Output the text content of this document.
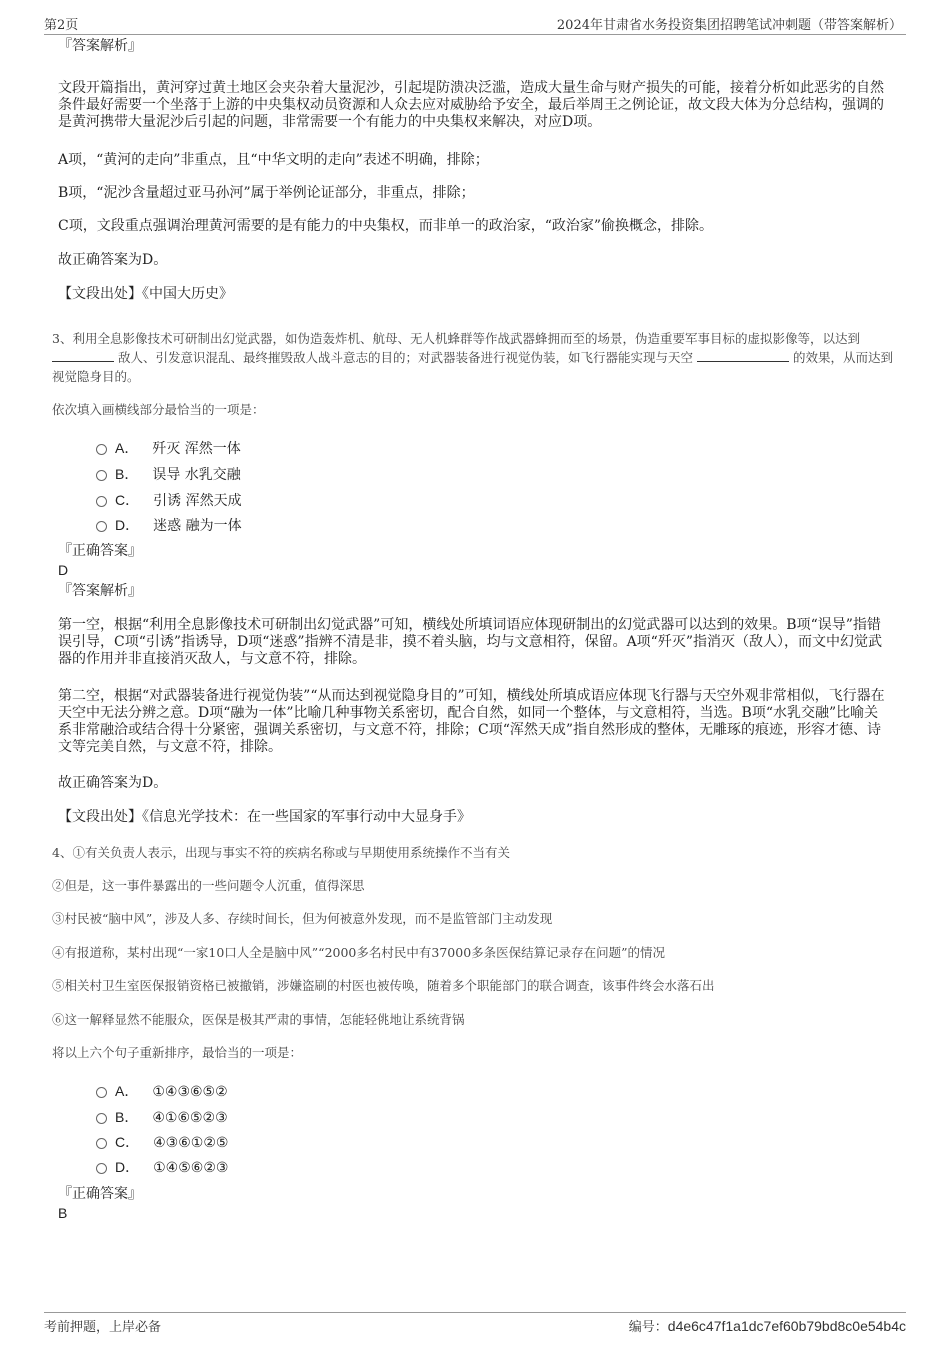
第2页	2024年甘肃省水务投资集团招聘笔试冲刺题（带答案解析）
『答案解析』
文段开篇指出，黄河穿过黄土地区会夹杂着大量泥沙，引起堤防溃决泛滥，造成大量生命与财产损失的可能，接着分析如此恶劣的自然条件最好需要一个坐落于上游的中央集权动员资源和人众去应对威胁给予安全，最后举周王之例论证，故文段大体为分总结构，强调的是黄河携带大量泥沙后引起的问题，非常需要一个有能力的中央集权来解决，对应D项。
A项，“黄河的走向”非重点，且“中华文明的走向”表述不明确，排除；
B项，“泥沙含量超过亚马孙河”属于举例论证部分，非重点，排除；
C项，文段重点强调治理黄河需要的是有能力的中央集权，而非单一的政治家，“政治家”偷换概念，排除。
故正确答案为D。
【文段出处】《中国大历史》
3、利用全息影像技术可研制出幻觉武器，如伪造轰炸机、航母、无人机蜂群等作战武器蜂拥而至的场景，伪造重要军事目标的虚拟影像等，以达到  敌人、引发意识混乱、最终摧毁敌人战斗意志的目的；对武器装备进行视觉伪装，如飞行器能实现与天空	的效果，从而达到视觉隐身目的。
依次填入画横线部分最恰当的一项是：
A． 歼灭 浑然一体
B． 误导 水乳交融
C． 引诱 浑然天成
D． 迷惑 融为一体
『正确答案』
D
『答案解析』
第一空，根据“利用全息影像技术可研制出幻觉武器”可知，横线处所填词语应体现研制出的幻觉武器可以达到的效果。B项“误导”指错误引导，C项“引诱”指诱导，D项“迷惑”指辨不清是非，摸不着头脑，均与文意相符，保留。A项“歼灭”指消灭（敌人），而文中幻觉武器的作用并非直接消灭敌人，与文意不符，排除。
第二空，根据“对武器装备进行视觉伪装”“从而达到视觉隐身目的”可知，横线处所填成语应体现飞行器与天空外观非常相似，飞行器在天空中无法分辨之意。D项“融为一体”比喻几种事物关系密切，配合自然，如同一个整体，与文意相符，当选。B项“水乳交融”比喻关系非常融洽或结合得十分紧密，强调关系密切，与文意不符，排除；C项“浑然天成”指自然形成的整体，无雕琢的痕迹，形容才德、诗文等完美自然，与文意不符，排除。
故正确答案为D。
【文段出处】《信息光学技术：在一些国家的军事行动中大显身手》
4、①有关负责人表示，出现与事实不符的疾病名称或与早期使用系统操作不当有关
②但是，这一事件暴露出的一些问题令人沉重，值得深思
③村民被“脑中风”，涉及人多、存续时间长，但为何被意外发现，而不是监管部门主动发现
④有报道称，某村出现“一家10口人全是脑中风”“2000多名村民中有37000多条医保结算记录存在问题”的情况
⑤相关村卫生室医保报销资格已被撤销，涉嫌盗刷的村医也被传唤，随着多个职能部门的联合调查，该事件终会水落石出
⑥这一解释显然不能服众，医保是极其严肃的事情，怎能轻佻地让系统背锅
将以上六个句子重新排序，最恰当的一项是：
A． ①④③⑥⑤②
B． ④①⑥⑤②③
C． ④③⑥①②⑤
D． ①④⑤⑥②③
『正确答案』
B
考前押题，上岸必备	编号：d4e6c47f1a1dc7ef60b79bd8c0e54b4c
